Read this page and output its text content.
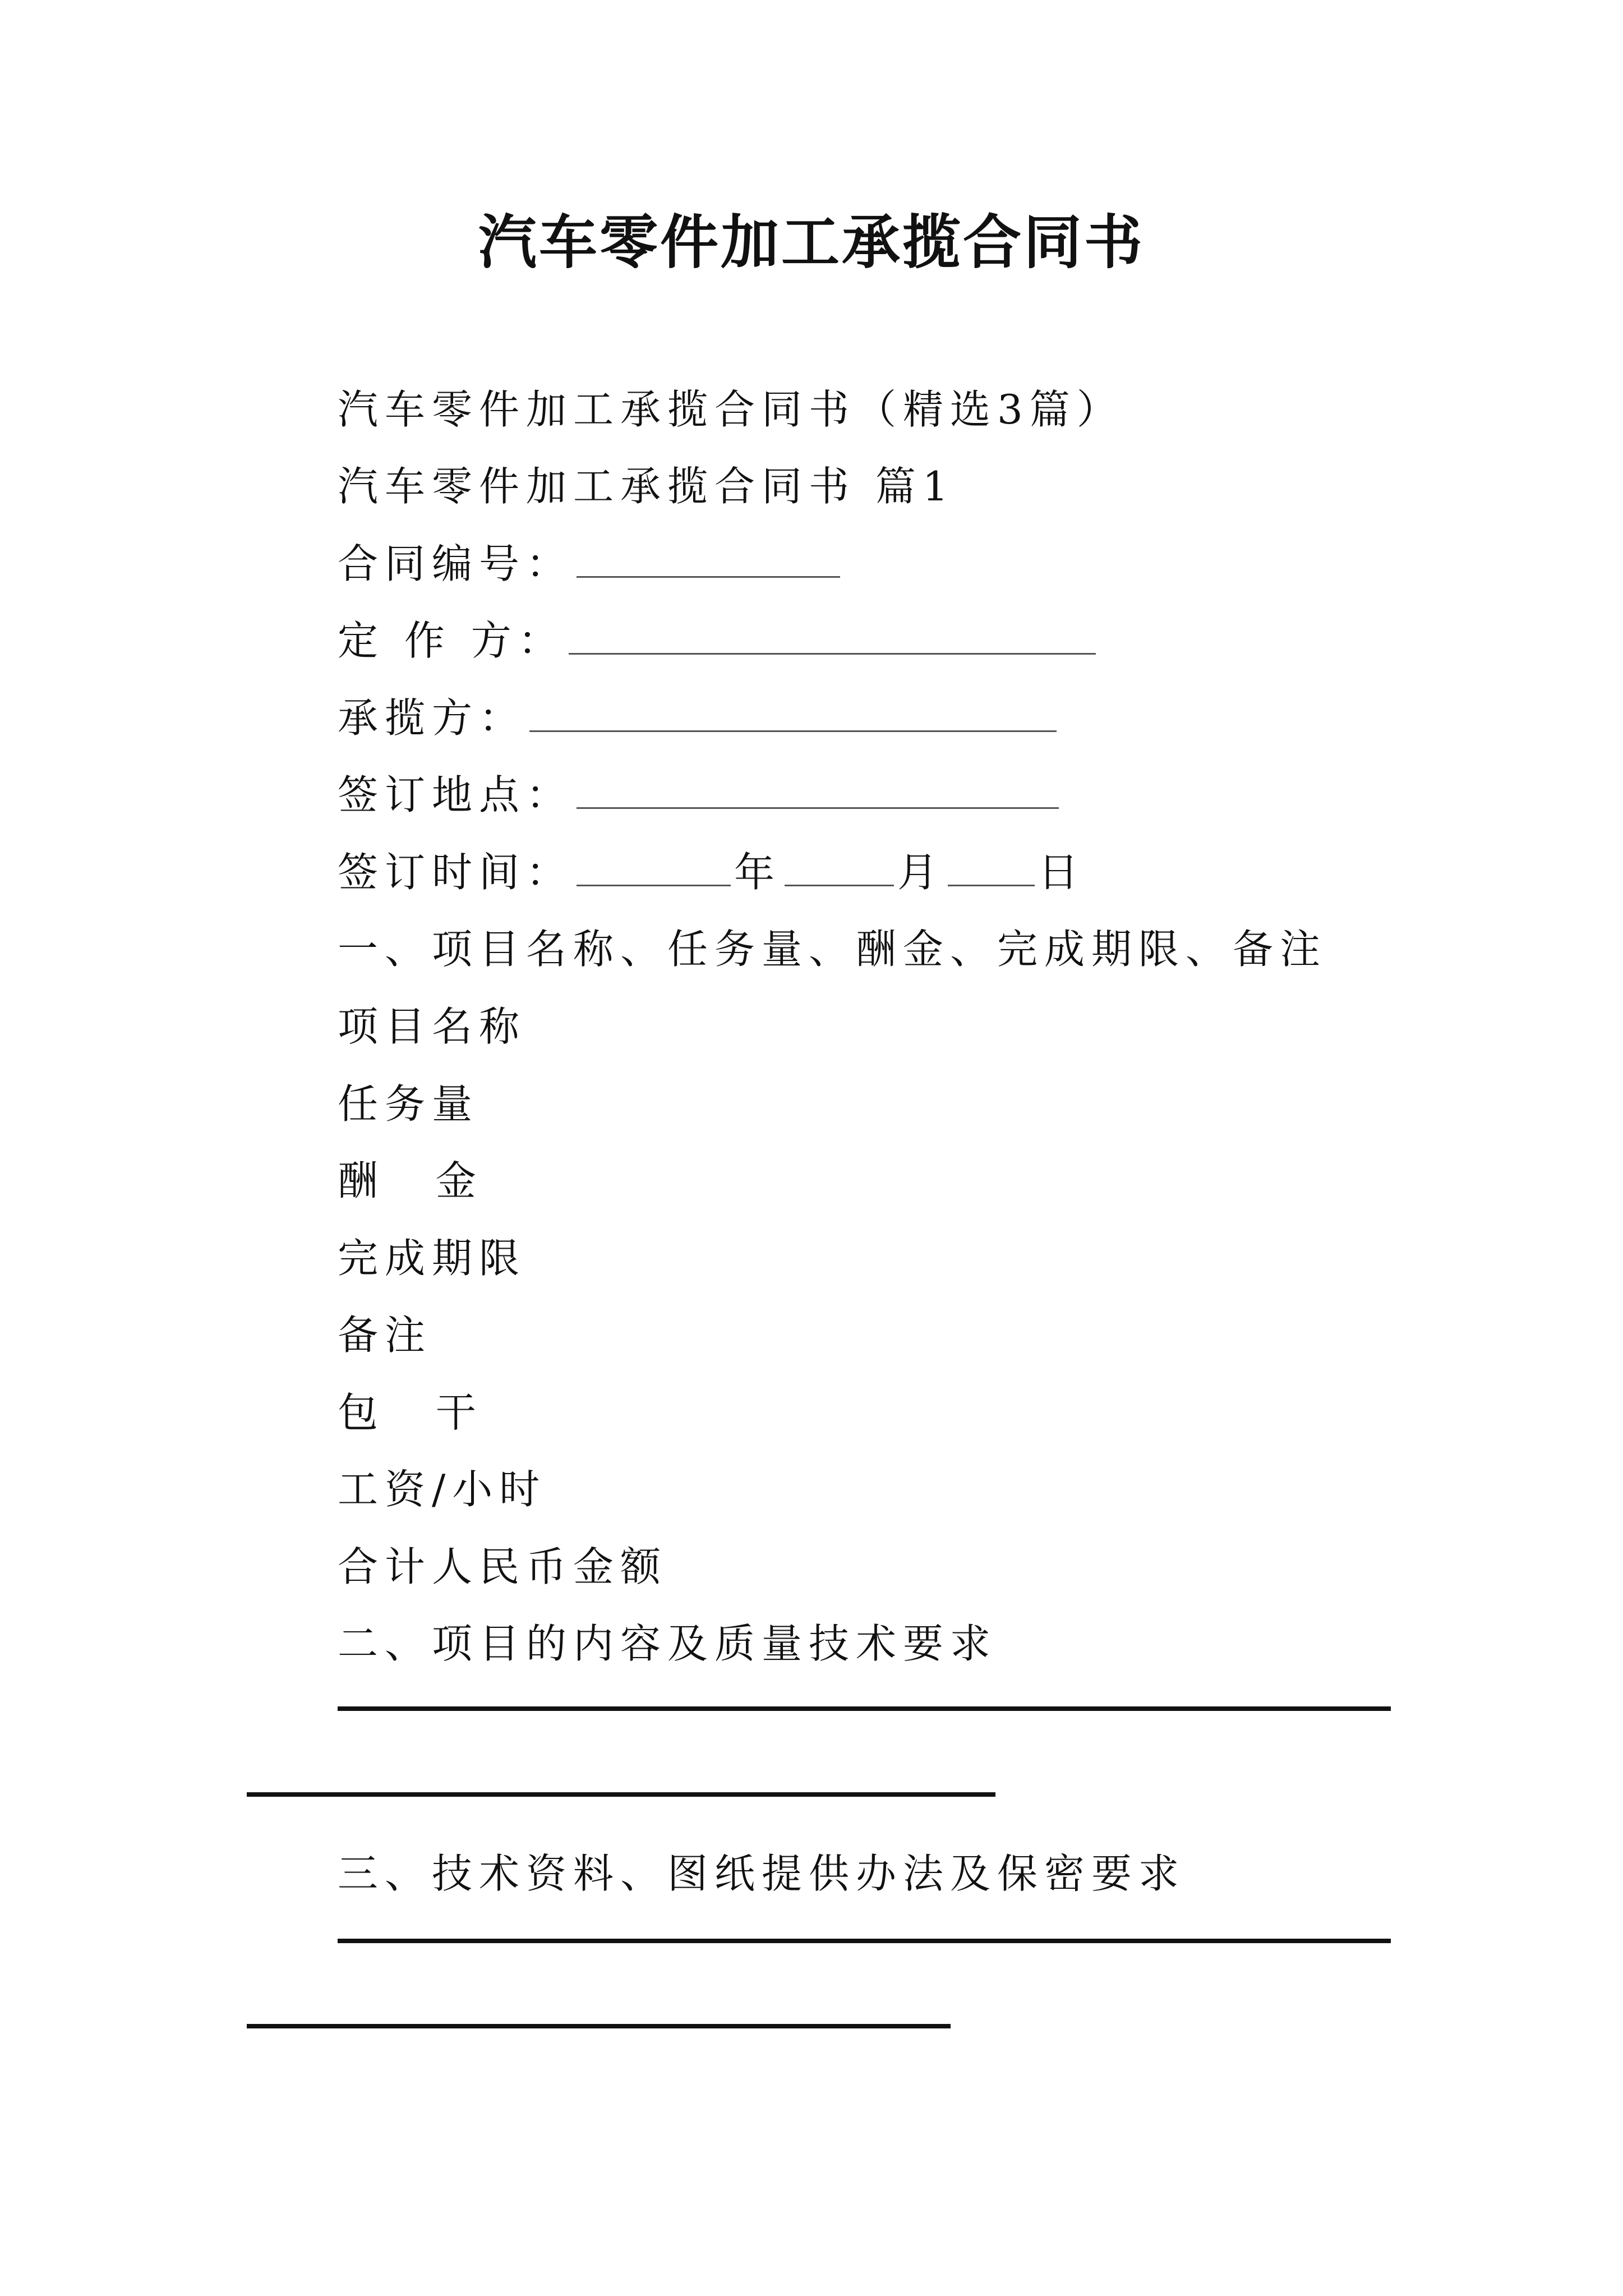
汽车零件加工承揽合同书
汽车零件加工承揽合同书（精选3篇）
汽车零件加工承揽合同书 篇1
合同编号：
定 作 方：
承揽方：
签订地点：
签订时间：	年	月 日
一、项目名称、任务量、酬金、完成期限、备注
项目名称
任务量
酬 金
完成期限
备注
包 干
工资/小时
合计人民币金额
二、项目的内容及质量技术要求
三、技术资料、图纸提供办法及保密要求
